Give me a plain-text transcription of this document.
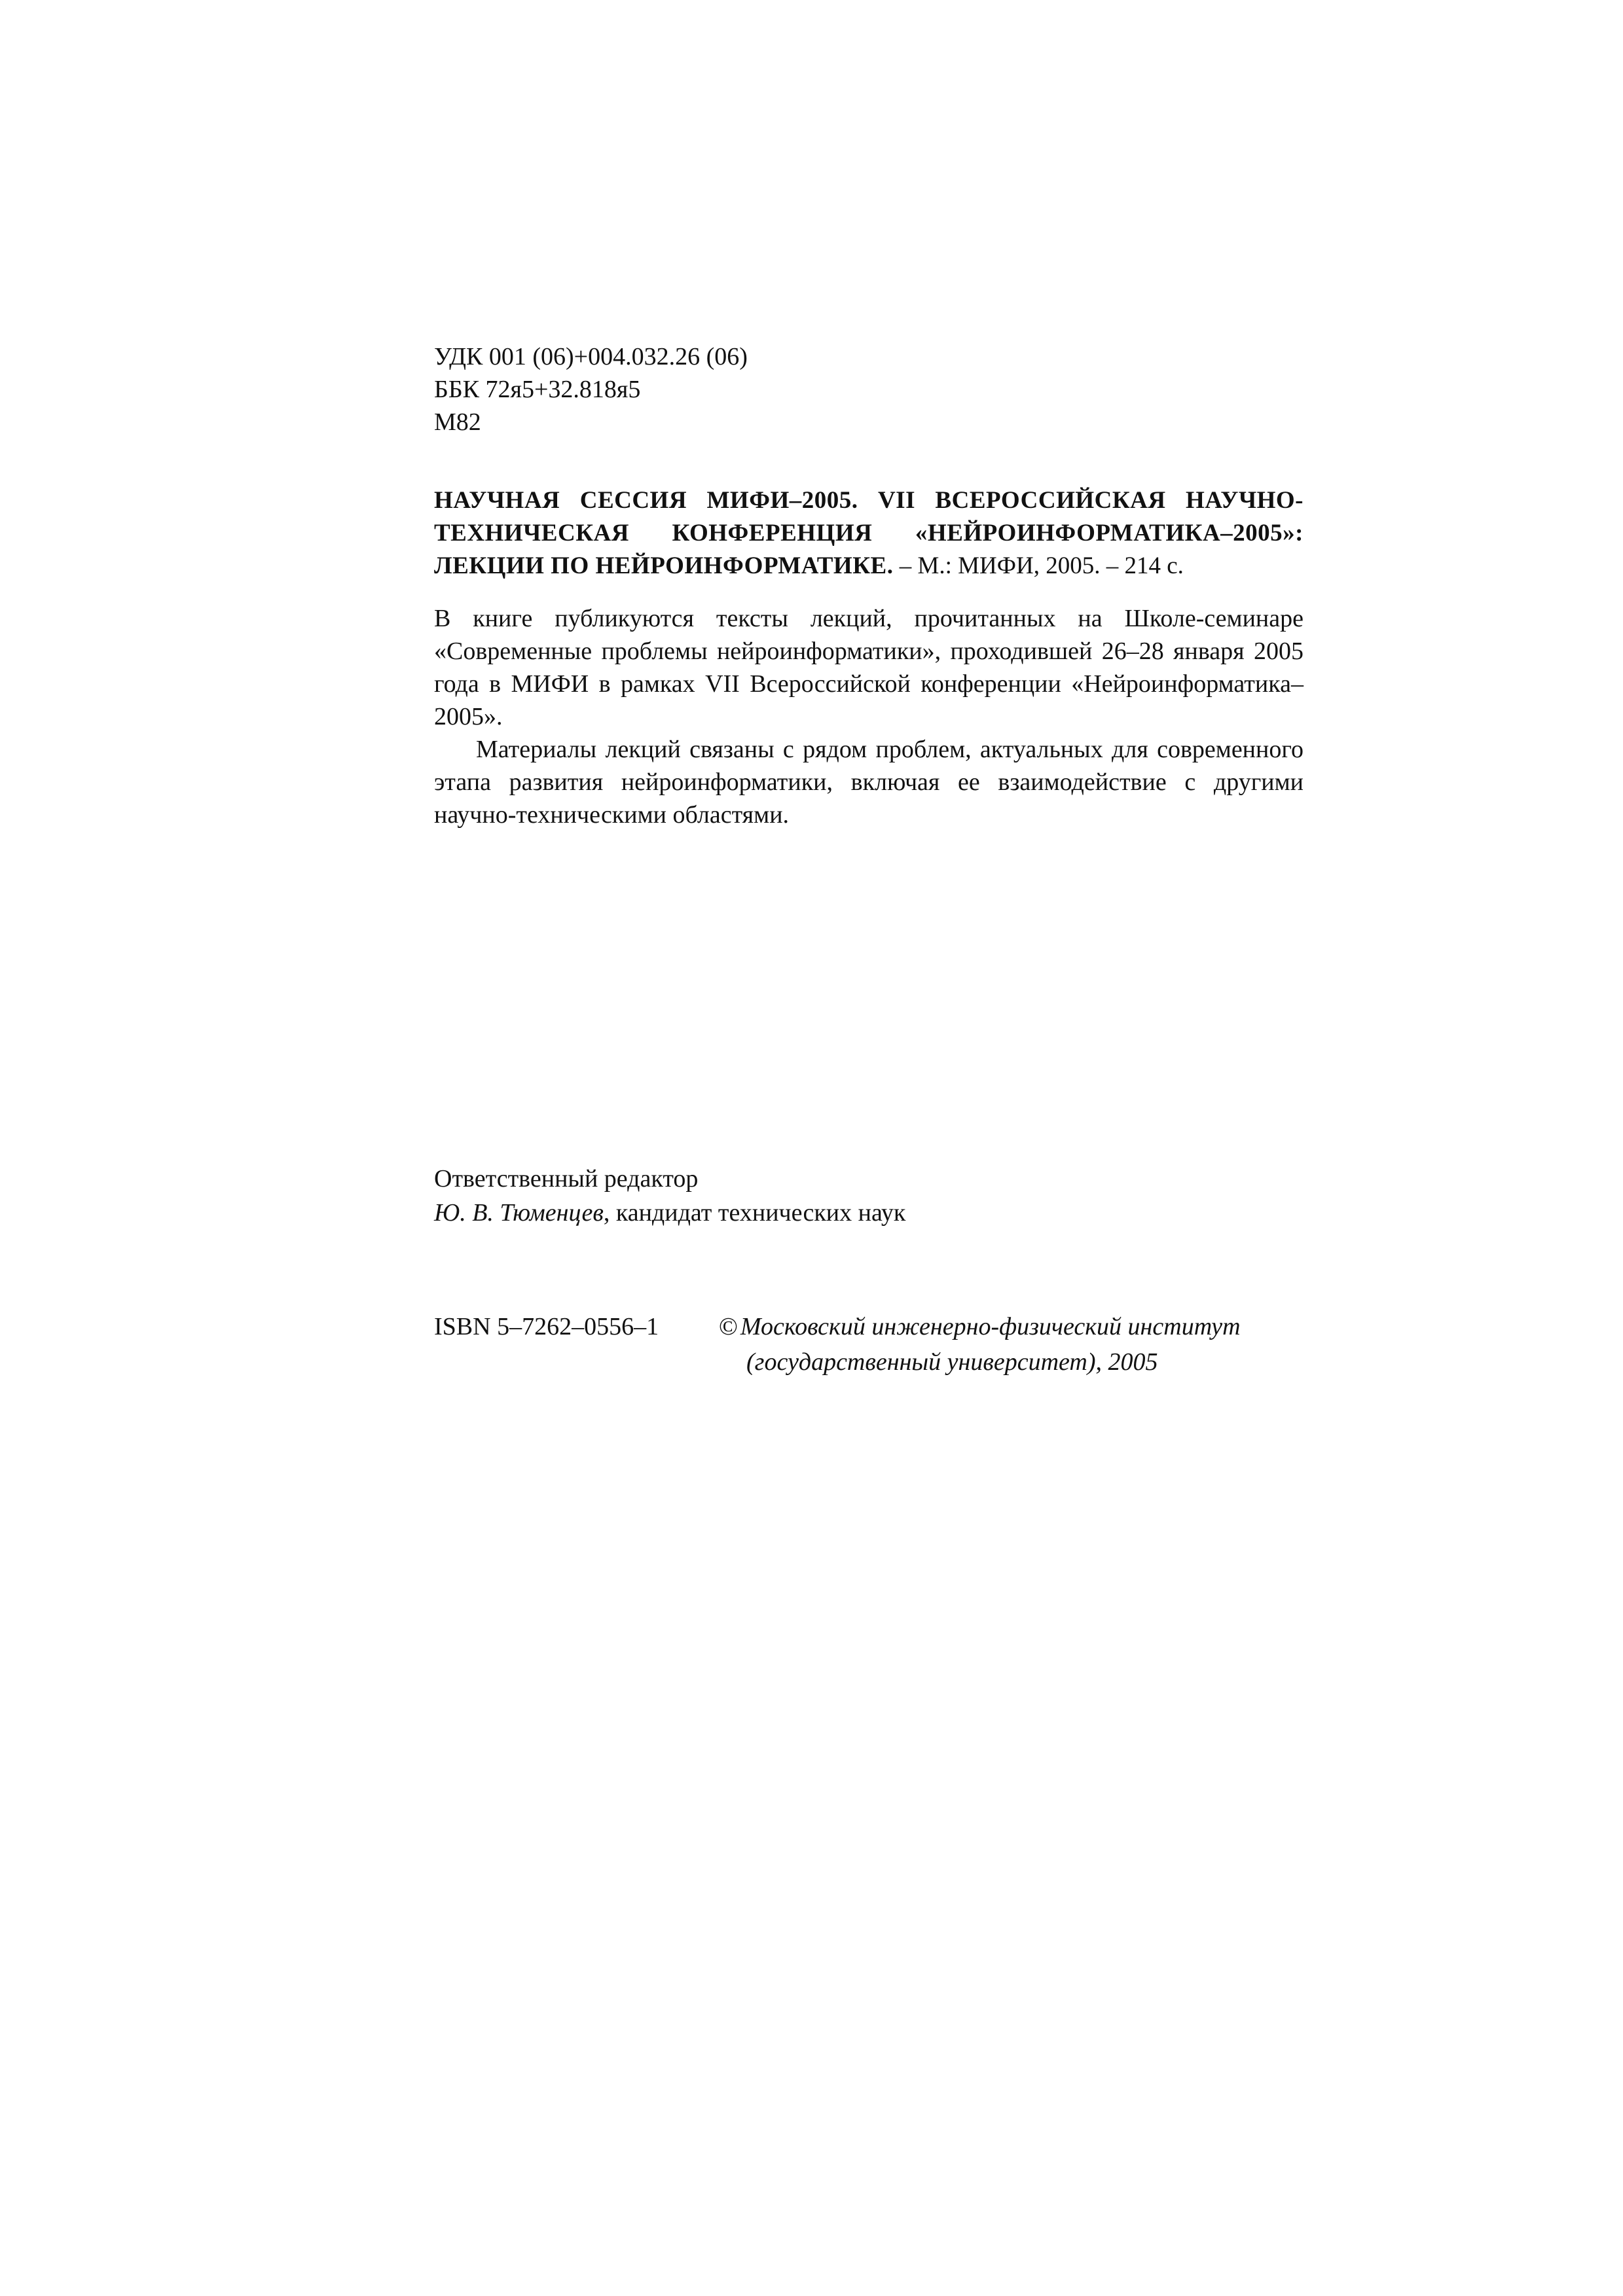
УДК 001 (06)+004.032.26 (06)
ББК 72я5+32.818я5
М82
НАУЧНАЯ СЕССИЯ МИФИ–2005. VII ВСЕРОССИЙСКАЯ НАУЧНО-ТЕХНИЧЕСКАЯ КОНФЕРЕНЦИЯ «НЕЙРОИНФОРМАТИКА–2005»: ЛЕКЦИИ ПО НЕЙРОИНФОРМАТИКЕ. – М.: МИФИ, 2005. – 214 с.

В книге публикуются тексты лекций, прочитанных на Школе-семинаре «Современные проблемы нейроинформатики», проходившей 26–28 января 2005 года в МИФИ в рамках VII Всероссийской конференции «Нейроинформатика–2005».

Материалы лекций связаны с рядом проблем, актуальных для современного этапа развития нейроинформатики, включая ее взаимодействие с другими научно-техническими областями.

Ответственный редактор
Ю. В. Тюменцев, кандидат технических наук
ISBN 5–7262–0556–1 © Московский инженерно-физический институт
(государственный университет), 2005
